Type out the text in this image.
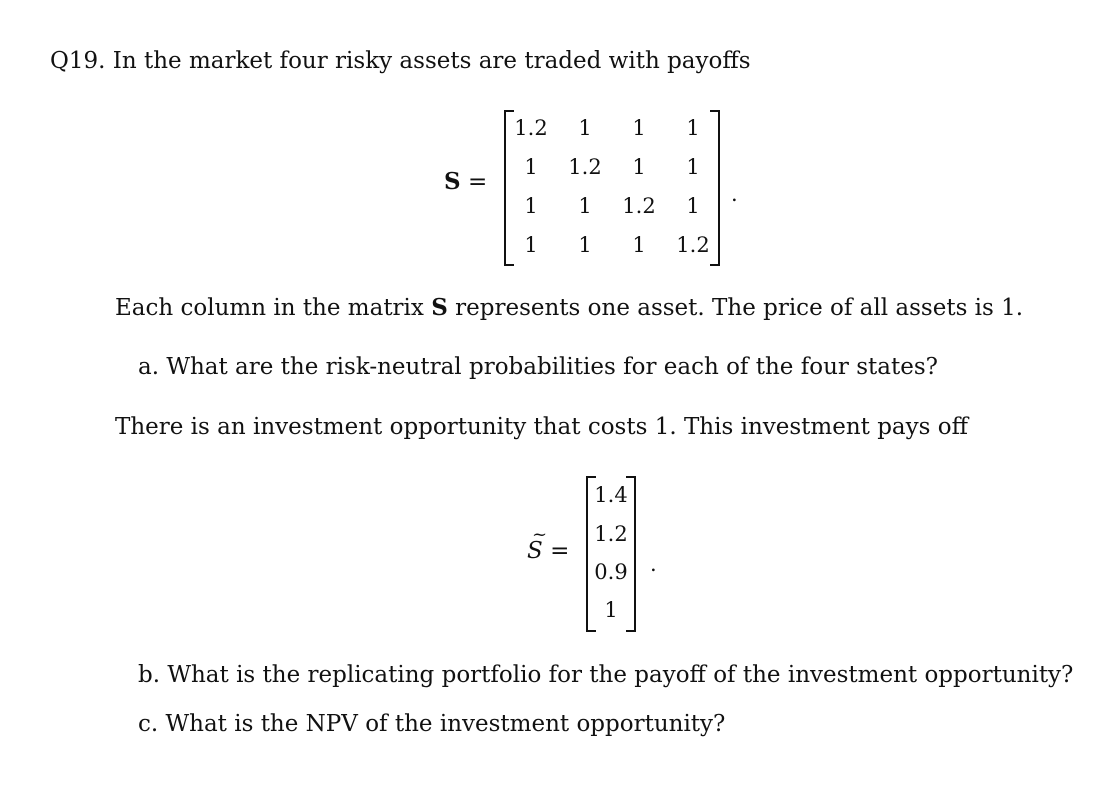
Q19. In the market four risky assets are traded with payoffs
S =
1.2	1	1	1
1	1.2	1	1
1	1	1.2	1
1	1	1	1.2
.
Each column in the matrix S represents one asset. The price of all assets is 1.
a. What are the risk-neutral probabilities for each of the four states?
There is an investment opportunity that costs 1. This investment pays off
~
S =
1.4
1.2
0.9
1
.
b. What is the replicating portfolio for the payoff of the investment opportunity?
c. What is the NPV of the investment opportunity?
